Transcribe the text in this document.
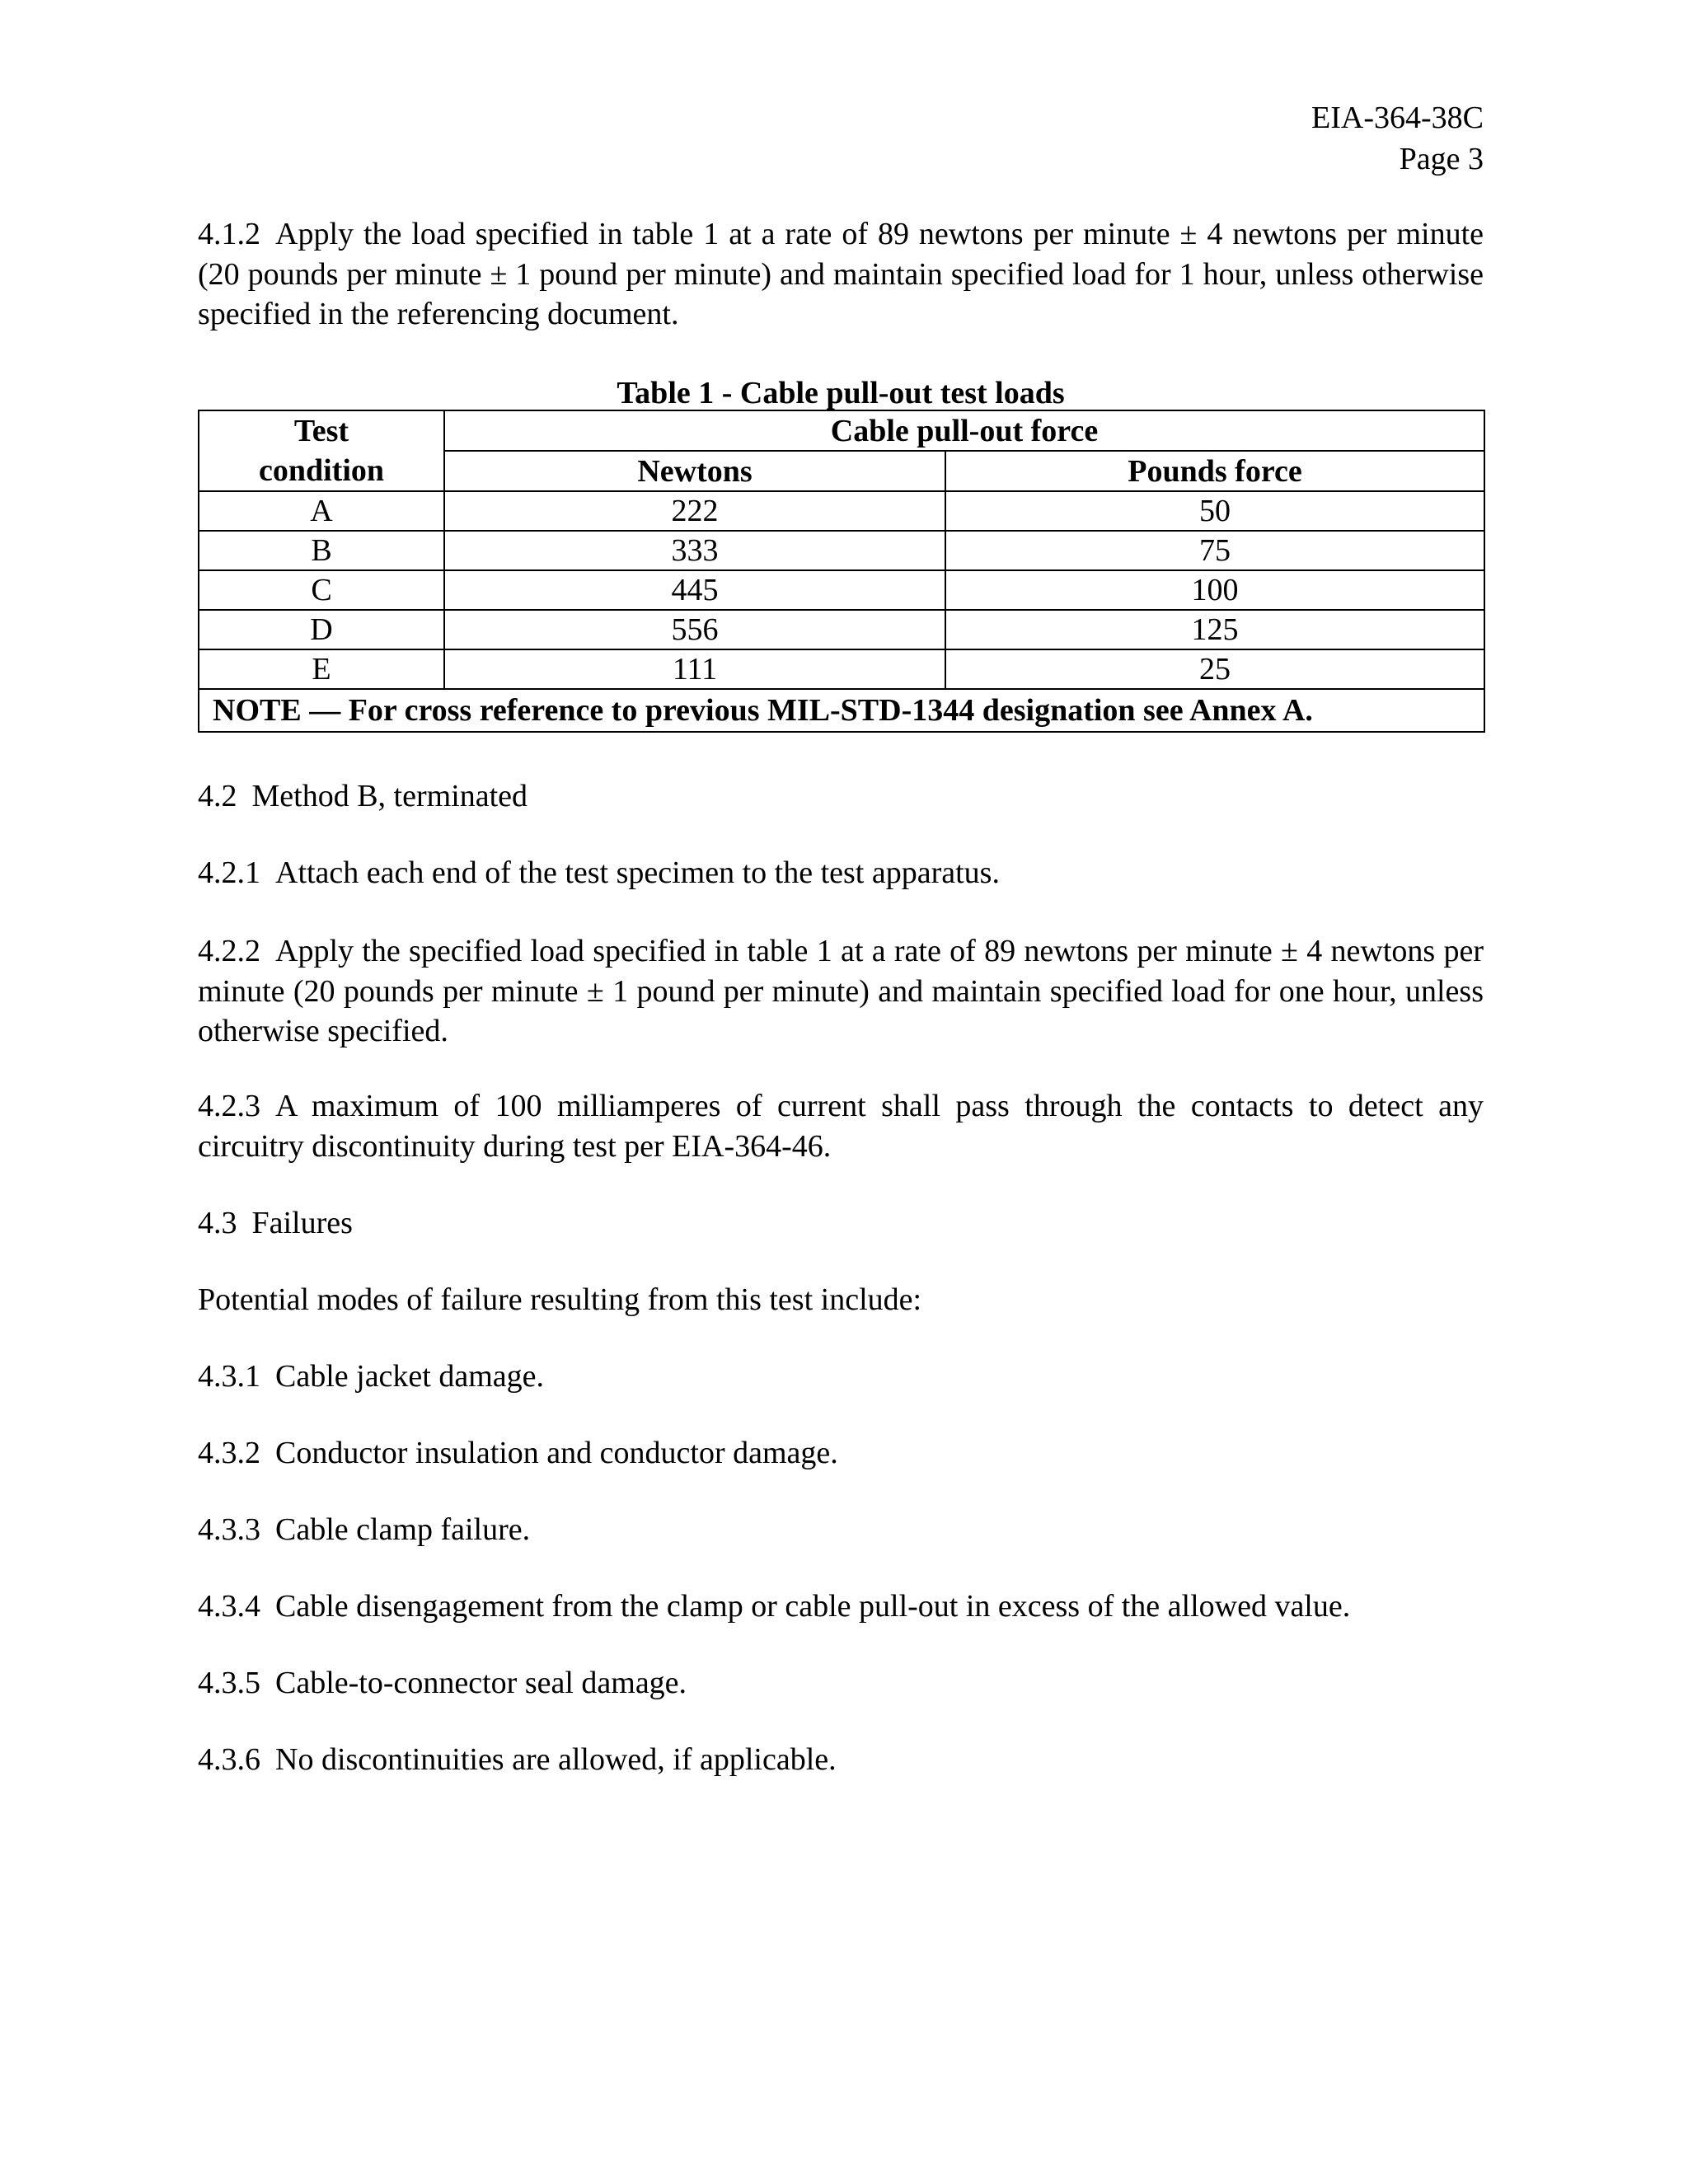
EIA-364-38C
Page 3

4.1.2 Apply the load specified in table 1 at a rate of 89 newtons per minute ± 4 newtons per minute (20 pounds per minute ± 1 pound per minute) and maintain specified load for 1 hour, unless otherwise specified in the referencing document.

Table 1 - Cable pull-out test loads
Test
condition	Cable pull-out force	
	Newtons	Pounds force
A	222	50
B	333	75
C	445	100
D	556	125
E	111	25
NOTE — For cross reference to previous MIL-STD-1344 designation see Annex A.		

4.2 Method B, terminated

4.2.1 Attach each end of the test specimen to the test apparatus.

4.2.2 Apply the specified load specified in table 1 at a rate of 89 newtons per minute ± 4 newtons per minute (20 pounds per minute ± 1 pound per minute) and maintain specified load for one hour, unless otherwise specified.

4.2.3 A maximum of 100 milliamperes of current shall pass through the contacts to detect any circuitry discontinuity during test per EIA-364-46.

4.3 Failures

Potential modes of failure resulting from this test include:

4.3.1 Cable jacket damage.

4.3.2 Conductor insulation and conductor damage.

4.3.3 Cable clamp failure.

4.3.4 Cable disengagement from the clamp or cable pull-out in excess of the allowed value.

4.3.5 Cable-to-connector seal damage.

4.3.6 No discontinuities are allowed, if applicable.
